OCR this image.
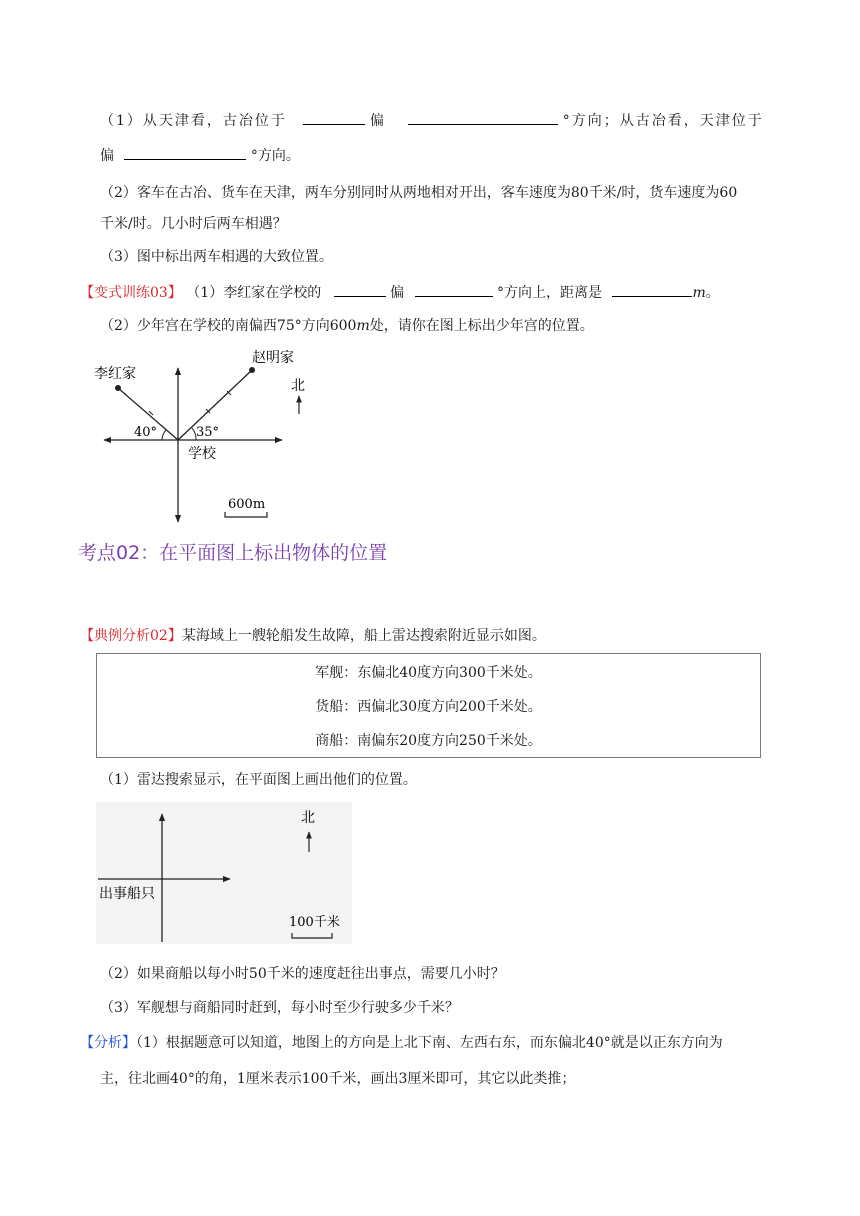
（1）从天津看，古冶位于	偏	°方向；从古冶看，天津位于
偏	°方向。
（2）客车在古冶、货车在天津，两车分别同时从两地相对开出，客车速度为80千米/时，货车速度为60
千米/时。几小时后两车相遇？
（3）图中标出两车相遇的大致位置。
【变式训练03】 （1）李红家在学校的	偏	°方向上，距离是	m。
（2）少年宫在学校的南偏西75°方向600m处，请你在图上标出少年宫的位置。
李红家
赵明家
北
40°	35°
学校
600m
考点02：在平面图上标出物体的位置
【典例分析02】某海域上一艘轮船发生故障，船上雷达搜索附近显示如图。
军舰：东偏北40度方向300千米处。
货船：西偏北30度方向200千米处。
商船：南偏东20度方向250千米处。
（1）雷达搜索显示，在平面图上画出他们的位置。
北
出事船只
100千米
（2）如果商船以每小时50千米的速度赶往出事点，需要几小时？
（3）军舰想与商船同时赶到，每小时至少行驶多少千米？
【分析】（1）根据题意可以知道，地图上的方向是上北下南、左西右东，而东偏北40°就是以正东方向为
主，往北画40°的角，1厘米表示100千米，画出3厘米即可，其它以此类推；
